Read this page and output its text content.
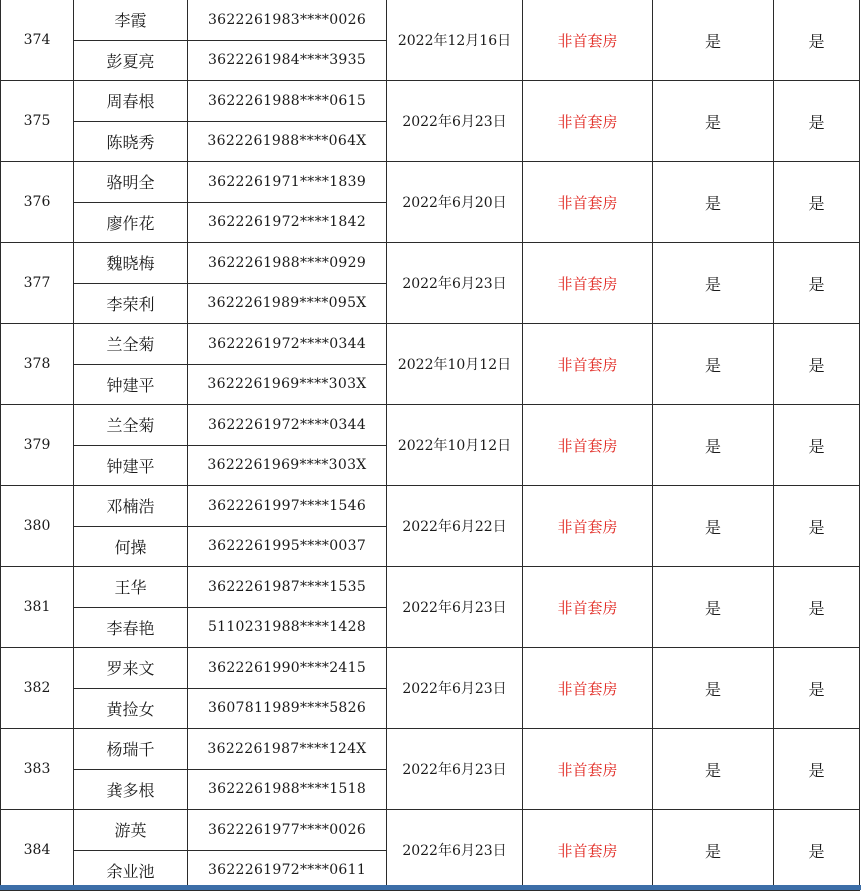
374	李霞	3622261983****0026	2022年12月16日	非首套房	是	是
	彭夏亮	3622261984****3935				
375	周春根	3622261988****0615	2022年6月23日	非首套房	是	是
	陈晓秀	3622261988****064X				
376	骆明全	3622261971****1839	2022年6月20日	非首套房	是	是
	廖作花	3622261972****1842				
377	魏晓梅	3622261988****0929	2022年6月23日	非首套房	是	是
	李荣利	3622261989****095X				
378	兰全菊	3622261972****0344	2022年10月12日	非首套房	是	是
	钟建平	3622261969****303X				
379	兰全菊	3622261972****0344	2022年10月12日	非首套房	是	是
	钟建平	3622261969****303X				
380	邓楠浩	3622261997****1546	2022年6月22日	非首套房	是	是
	何操	3622261995****0037				
381	王华	3622261987****1535	2022年6月23日	非首套房	是	是
	李春艳	5110231988****1428				
382	罗来文	3622261990****2415	2022年6月23日	非首套房	是	是
	黄捡女	3607811989****5826				
383	杨瑞千	3622261987****124X	2022年6月23日	非首套房	是	是
	龚多根	3622261988****1518				
384	游英	3622261977****0026	2022年6月23日	非首套房	是	是
	余业池	3622261972****0611				
